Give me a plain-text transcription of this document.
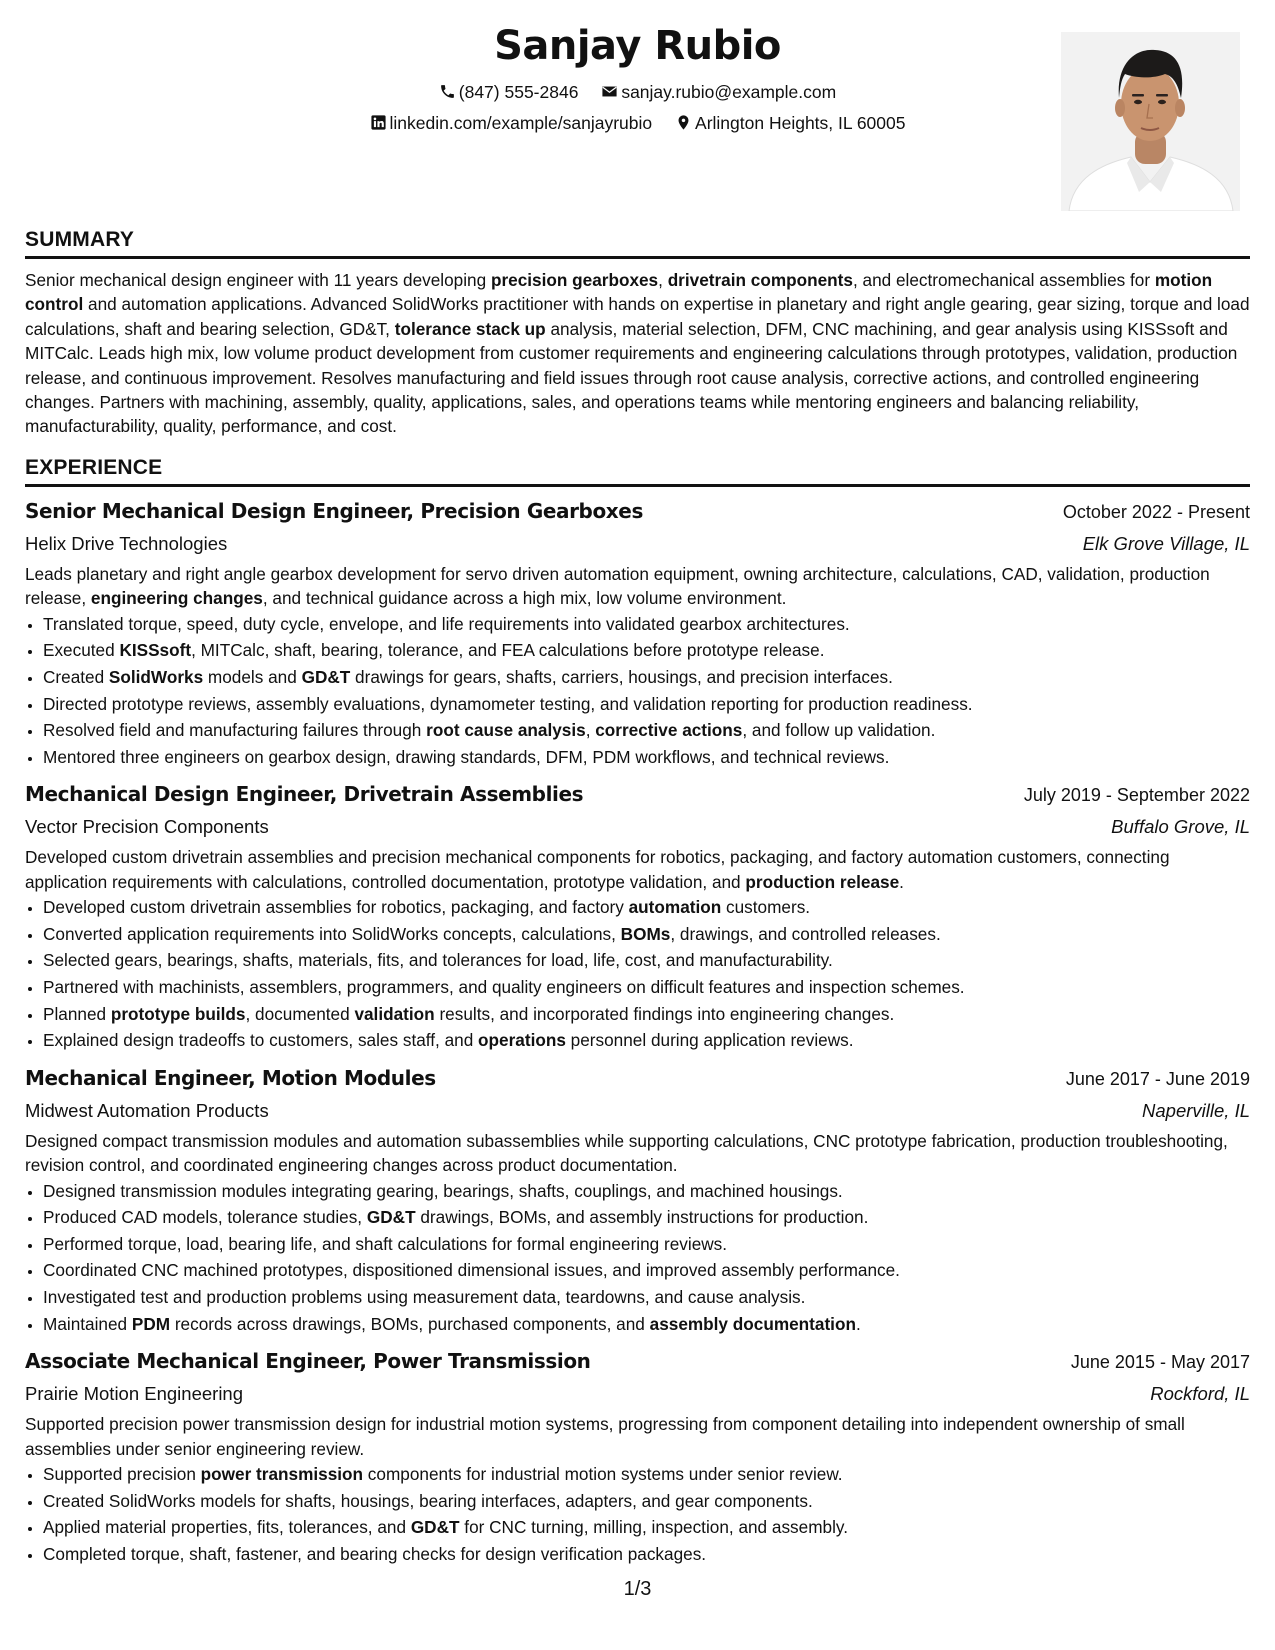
Sanjay Rubio
(847) 555-2846 sanjay.rubio@example.com
linkedin.com/example/sanjayrubio Arlington Heights, IL 60005
SUMMARY

Senior mechanical design engineer with 11 years developing precision gearboxes, drivetrain components, and electromechanical assemblies for motion control and automation applications. Advanced SolidWorks practitioner with hands on expertise in planetary and right angle gearing, gear sizing, torque and load calculations, shaft and bearing selection, GD&T, tolerance stack up analysis, material selection, DFM, CNC machining, and gear analysis using KISSsoft and MITCalc. Leads high mix, low volume product development from customer requirements and engineering calculations through prototypes, validation, production release, and continuous improvement. Resolves manufacturing and field issues through root cause analysis, corrective actions, and controlled engineering changes. Partners with machining, assembly, quality, applications, sales, and operations teams while mentoring engineers and balancing reliability, manufacturability, quality, performance, and cost.

EXPERIENCE
Senior Mechanical Design Engineer, Precision Gearboxes	October 2022 - Present
Helix Drive Technologies	Elk Grove Village, IL

Leads planetary and right angle gearbox development for servo driven automation equipment, owning architecture, calculations, CAD, validation, production release, engineering changes, and technical guidance across a high mix, low volume environment.

• Translated torque, speed, duty cycle, envelope, and life requirements into validated gearbox architectures.
• Executed KISSsoft, MITCalc, shaft, bearing, tolerance, and FEA calculations before prototype release.
• Created SolidWorks models and GD&T drawings for gears, shafts, carriers, housings, and precision interfaces.
• Directed prototype reviews, assembly evaluations, dynamometer testing, and validation reporting for production readiness.
• Resolved field and manufacturing failures through root cause analysis, corrective actions, and follow up validation.
• Mentored three engineers on gearbox design, drawing standards, DFM, PDM workflows, and technical reviews.
Mechanical Design Engineer, Drivetrain Assemblies	July 2019 - September 2022
Vector Precision Components	Buffalo Grove, IL

Developed custom drivetrain assemblies and precision mechanical components for robotics, packaging, and factory automation customers, connecting application requirements with calculations, controlled documentation, prototype validation, and production release.

• Developed custom drivetrain assemblies for robotics, packaging, and factory automation customers.
• Converted application requirements into SolidWorks concepts, calculations, BOMs, drawings, and controlled releases.
• Selected gears, bearings, shafts, materials, fits, and tolerances for load, life, cost, and manufacturability.
• Partnered with machinists, assemblers, programmers, and quality engineers on difficult features and inspection schemes.
• Planned prototype builds, documented validation results, and incorporated findings into engineering changes.
• Explained design tradeoffs to customers, sales staff, and operations personnel during application reviews.
Mechanical Engineer, Motion Modules	June 2017 - June 2019
Midwest Automation Products	Naperville, IL

Designed compact transmission modules and automation subassemblies while supporting calculations, CNC prototype fabrication, production troubleshooting, revision control, and coordinated engineering changes across product documentation.

• Designed transmission modules integrating gearing, bearings, shafts, couplings, and machined housings.
• Produced CAD models, tolerance studies, GD&T drawings, BOMs, and assembly instructions for production.
• Performed torque, load, bearing life, and shaft calculations for formal engineering reviews.
• Coordinated CNC machined prototypes, dispositioned dimensional issues, and improved assembly performance.
• Investigated test and production problems using measurement data, teardowns, and cause analysis.
• Maintained PDM records across drawings, BOMs, purchased components, and assembly documentation.
Associate Mechanical Engineer, Power Transmission	June 2015 - May 2017
Prairie Motion Engineering	Rockford, IL

Supported precision power transmission design for industrial motion systems, progressing from component detailing into independent ownership of small assemblies under senior engineering review.

• Supported precision power transmission components for industrial motion systems under senior review.
• Created SolidWorks models for shafts, housings, bearing interfaces, adapters, and gear components.
• Applied material properties, fits, tolerances, and GD&T for CNC turning, milling, inspection, and assembly.
• Completed torque, shaft, fastener, and bearing checks for design verification packages.
1/3
